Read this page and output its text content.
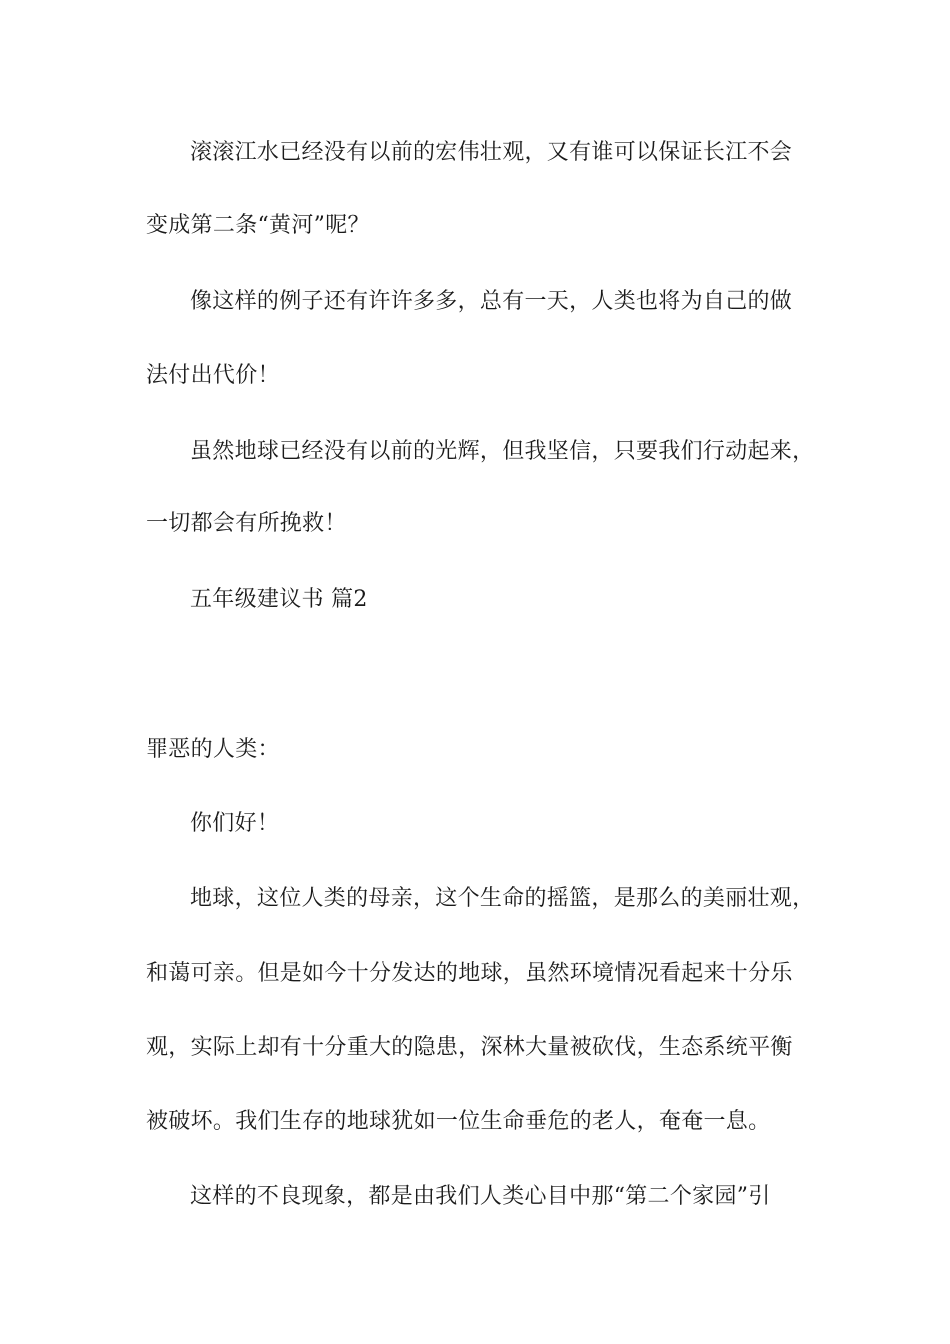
滚滚江水已经没有以前的宏伟壮观，又有谁可以保证长江不会
变成第二条“黄河”呢？
像这样的例子还有许许多多，总有一天，人类也将为自己的做
法付出代价！
虽然地球已经没有以前的光辉，但我坚信，只要我们行动起来，
一切都会有所挽救！
五年级建议书 篇2
罪恶的人类：
你们好！
地球，这位人类的母亲，这个生命的摇篮，是那么的美丽壮观，
和蔼可亲。但是如今十分发达的地球，虽然环境情况看起来十分乐
观，实际上却有十分重大的隐患，深林大量被砍伐，生态系统平衡
被破坏。我们生存的地球犹如一位生命垂危的老人，奄奄一息。
这样的不良现象，都是由我们人类心目中那“第二个家园”引
